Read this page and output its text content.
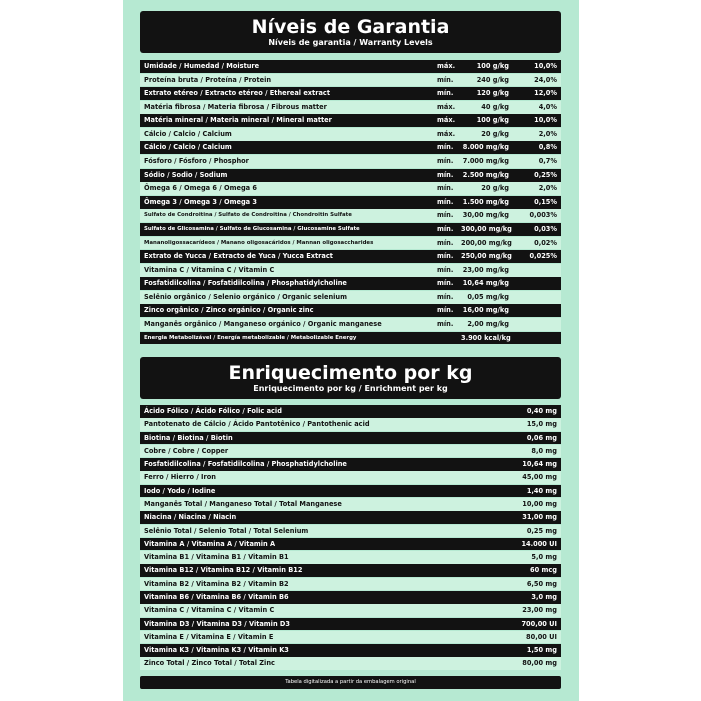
Níveis de Garantia
Níveis de garantia / Warranty Levels
Umidade / Humedad / Moisture	máx.	100 g/kg	10,0%
Proteína bruta / Proteína / Protein	mín.	240 g/kg	24,0%
Extrato etéreo / Extracto etéreo / Ethereal extract	mín.	120 g/kg	12,0%
Matéria fibrosa / Materia fibrosa / Fibrous matter	máx.	40 g/kg	4,0%
Matéria mineral / Materia mineral / Mineral matter	máx.	100 g/kg	10,0%
Cálcio / Calcio / Calcium	máx.	20 g/kg	2,0%
Cálcio / Calcio / Calcium	mín. 8.000 mg/kg	0,8%
Fósforo / Fósforo / Phosphor	mín. 7.000 mg/kg	0,7%
Sódio / Sodio / Sodium	mín. 2.500 mg/kg	0,25%
Ômega 6 / Omega 6 / Omega 6	mín.	20 g/kg	2,0%
Ômega 3 / Omega 3 / Omega 3	mín. 1.500 mg/kg	0,15%
Sulfato de Condroitina / Sulfato de Condroitina / Chondroitin Sulfate	mín. 30,00 mg/kg	0,003%
Sulfato de Glicosamina / Sulfato de Glucosamina / Glucosamine Sulfate	mín. 300,00 mg/kg	0,03%
Mananoligossacarídeos / Manano oligosacáridos / Mannan oligosaccharides	mín. 200,00 mg/kg	0,02%
Extrato de Yucca / Extracto de Yuca / Yucca Extract	mín. 250,00 mg/kg	0,025%
Vitamina C / Vitamina C / Vitamin C	mín. 23,00 mg/kg
Fosfatidilcolina / Fosfatidilcolina / Phosphatidylcholine	mín. 10,64 mg/kg
Selênio orgânico / Selenio orgánico / Organic selenium	mín.	0,05 mg/kg
Zinco orgânico / Zinco orgánico / Organic zinc	mín. 16,00 mg/kg
Manganês orgânico / Manganeso orgánico / Organic manganese	mín.	2,00 mg/kg
Energia Metabolizável / Energía metabolizable / Metabolizable Energy	3.900 kcal/kg
Enriquecimento por kg
Enriquecimento por kg / Enrichment per kg
Ácido Fólico / Ácido Fólico / Folic acid	0,40 mg
Pantotenato de Cálcio / Ácido Pantotênico / Pantothenic acid	15,0 mg
Biotina / Biotina / Biotin	0,06 mg
Cobre / Cobre / Copper	8,0 mg
Fosfatidilcolina / Fosfatidilcolina / Phosphatidylcholine	10,64 mg
Ferro / Hierro / Iron	45,00 mg
Iodo / Yodo / Iodine	1,40 mg
Manganês Total / Manganeso Total / Total Manganese	10,00 mg
Niacina / Niacina / Niacin	31,00 mg
Selênio Total / Selenio Total / Total Selenium	0,25 mg
Vitamina A / Vitamina A / Vitamin A	14.000 UI
Vitamina B1 / Vitamina B1 / Vitamin B1	5,0 mg
Vitamina B12 / Vitamina B12 / Vitamin B12	60 mcg
Vitamina B2 / Vitamina B2 / Vitamin B2	6,50 mg
Vitamina B6 / Vitamina B6 / Vitamin B6	3,0 mg
Vitamina C / Vitamina C / Vitamin C	23,00 mg
Vitamina D3 / Vitamina D3 / Vitamin D3	700,00 UI
Vitamina E / Vitamina E / Vitamin E	80,00 UI
Vitamina K3 / Vitamina K3 / Vitamin K3	1,50 mg
Zinco Total / Zinco Total / Total Zinc	80,00 mg
Tabela digitalizada a partir da embalagem original
